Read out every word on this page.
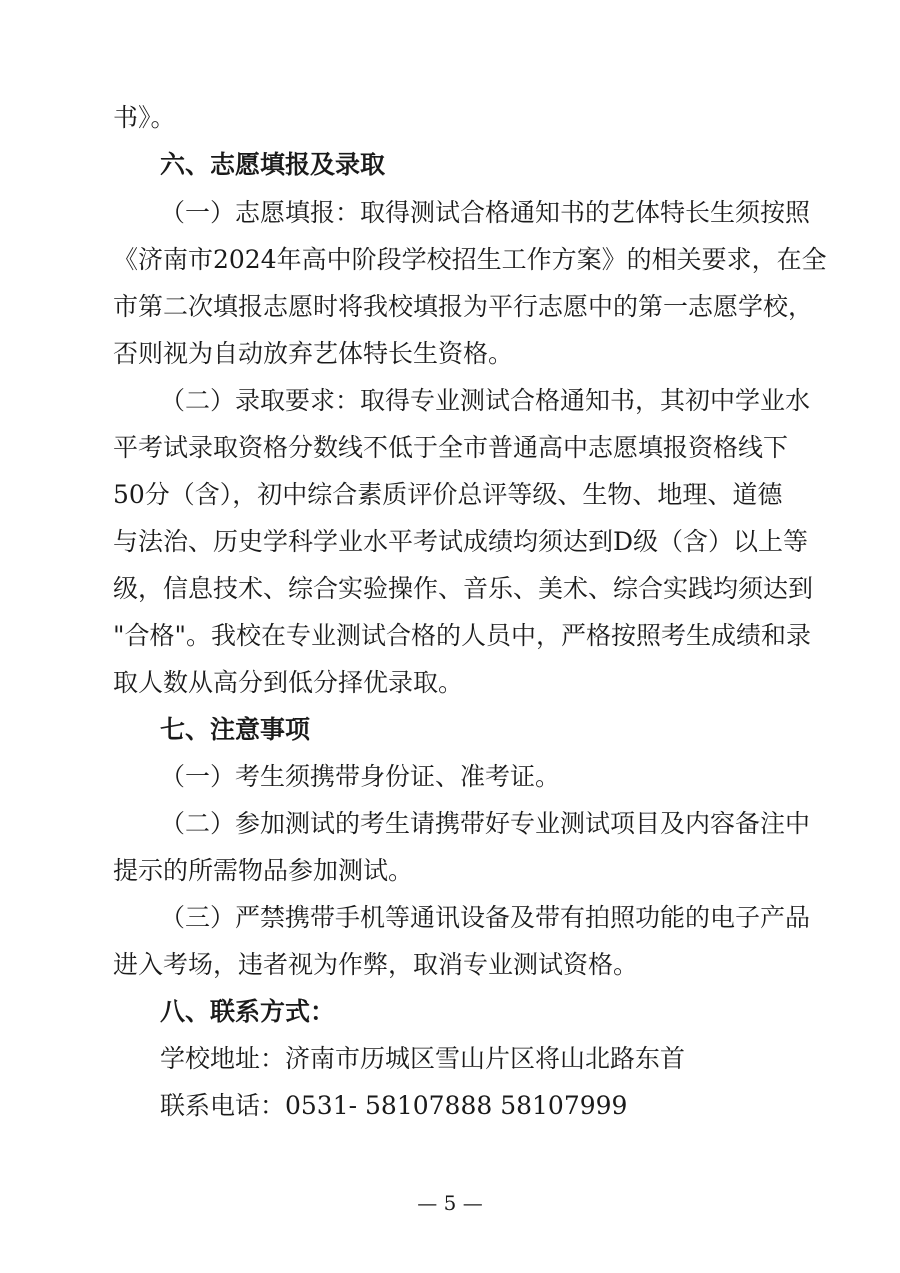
书》。
六、志愿填报及录取
（一）志愿填报：取得测试合格通知书的艺体特长生须按照
《济南市2024年高中阶段学校招生工作方案》的相关要求，在全
市第二次填报志愿时将我校填报为平行志愿中的第一志愿学校，
否则视为自动放弃艺体特长生资格。
（二）录取要求：取得专业测试合格通知书，其初中学业水
平考试录取资格分数线不低于全市普通高中志愿填报资格线下
50分（含），初中综合素质评价总评等级、生物、地理、道德
与法治、历史学科学业水平考试成绩均须达到D级（含）以上等
级，信息技术、综合实验操作、音乐、美术、综合实践均须达到
"合格"。我校在专业测试合格的人员中，严格按照考生成绩和录
取人数从高分到低分择优录取。
七、注意事项
（一）考生须携带身份证、准考证。
（二）参加测试的考生请携带好专业测试项目及内容备注中
提示的所需物品参加测试。
（三）严禁携带手机等通讯设备及带有拍照功能的电子产品
进入考场，违者视为作弊，取消专业测试资格。
八、联系方式：
学校地址：济南市历城区雪山片区将山北路东首
联系电话：0531- 58107888 58107999
— 5 —
